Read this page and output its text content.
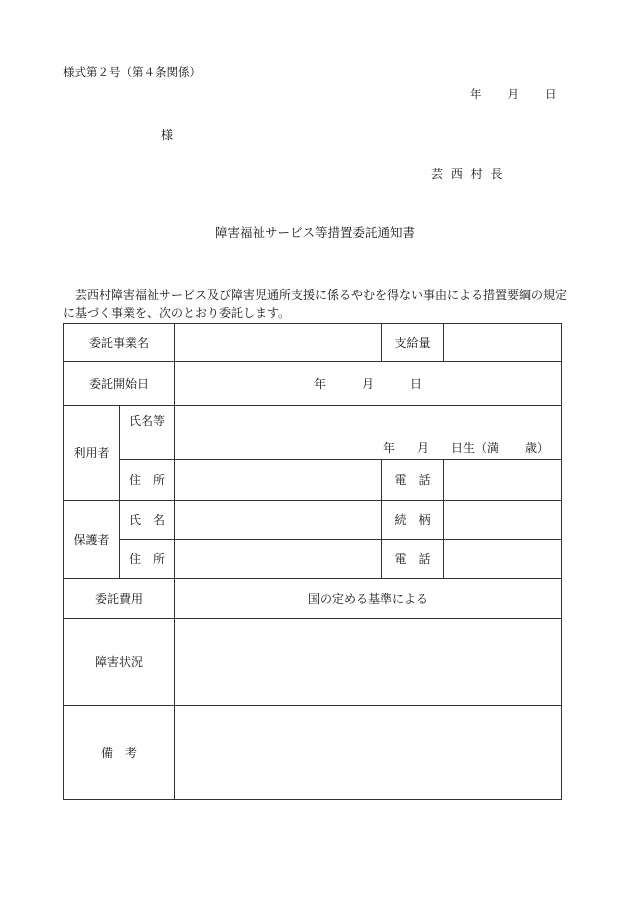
様式第２号（第４条関係）
年 月 日
様
芸 西 村 長
障害福祉サービス等措置委託通知書
芸西村障害福祉サービス及び障害児通所支援に係るやむを得ない事由による措置要綱の規定に基づく事業を、次のとおり委託します。
委託事業名			支給量	
委託開始日		年 月 日		
利用者	氏名等	年 月 日生（満 歳）		
	住　所		電　話	
保護者	氏　名		続　柄	
	住　所		電　話	
委託費用		国の定める基準による		
障害状況				
備　考				
